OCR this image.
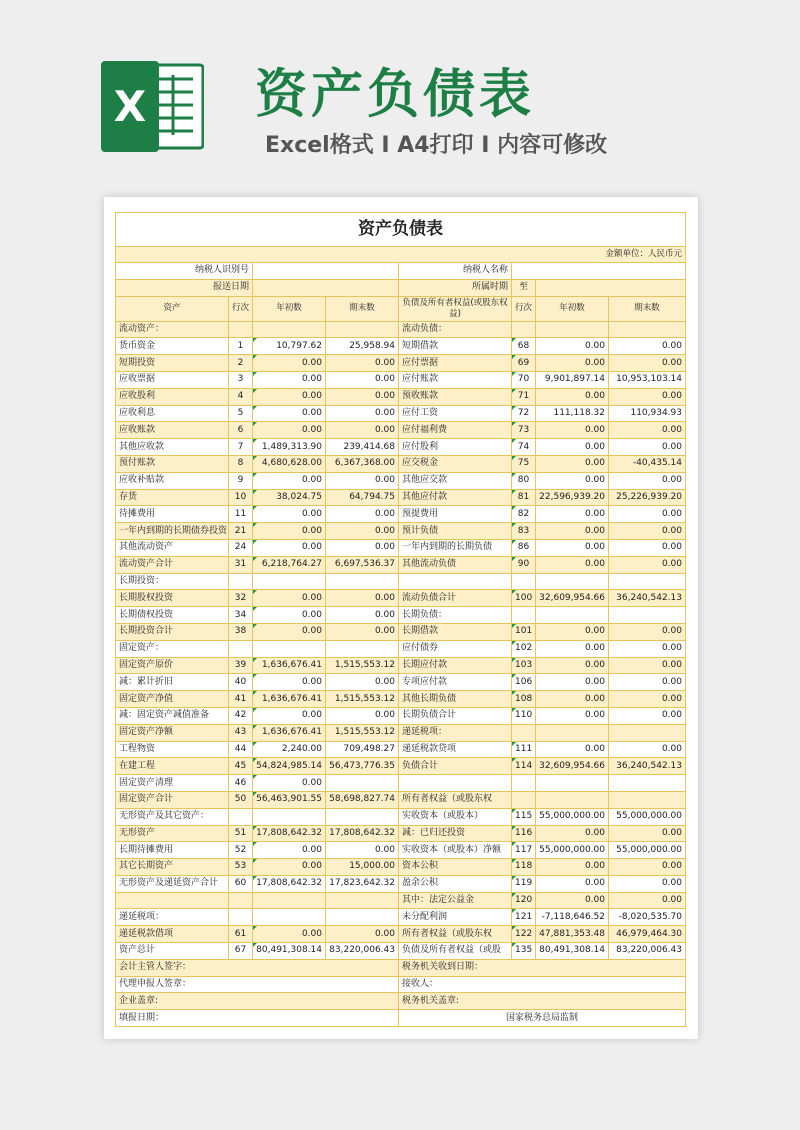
X 资产负债表
Excel格式 I A4打印 I 内容可修改
资产负债表							
金额单位：人民币元							
纳税人识别号				纳税人名称			
报送日期				所属时期	至		
资产	行次	年初数	期末数	负债及所有者权益(或股东权益)	行次	年初数	期末数
流动资产：				流动负债：			
货币资金	1	10,797.62	25,958.94	短期借款	68	0.00	0.00
短期投资	2	0.00	0.00	应付票据	69	0.00	0.00
应收票据	3	0.00	0.00	应付账款	70	9,901,897.14	10,953,103.14
应收股利	4	0.00	0.00	预收账款	71	0.00	0.00
应收利息	5	0.00	0.00	应付工资	72	111,118.32	110,934.93
应收账款	6	0.00	0.00	应付福利费	73	0.00	0.00
其他应收款	7	1,489,313.90	239,414.68	应付股利	74	0.00	0.00
预付账款	8	4,680,628.00	6,367,368.00	应交税金	75	0.00	-40,435.14
应收补贴款	9	0.00	0.00	其他应交款	80	0.00	0.00
存货	10	38,024.75	64,794.75	其他应付款	81	22,596,939.20	25,226,939.20
待摊费用	11	0.00	0.00	预提费用	82	0.00	0.00
一年内到期的长期债券投资	21	0.00	0.00	预计负债	83	0.00	0.00
其他流动资产	24	0.00	0.00	一年内到期的长期负债	86	0.00	0.00
流动资产合计	31	6,218,764.27	6,697,536.37	其他流动负债	90	0.00	0.00
长期投资：							
长期股权投资	32	0.00	0.00	流动负债合计	100	32,609,954.66	36,240,542.13
长期债权投资	34	0.00	0.00	长期负债：			
长期投资合计	38	0.00	0.00	长期借款	101	0.00	0.00
固定资产：				应付债券	102	0.00	0.00
固定资产原价	39	1,636,676.41	1,515,553.12	长期应付款	103	0.00	0.00
减：累计折旧	40	0.00	0.00	专项应付款	106	0.00	0.00
固定资产净值	41	1,636,676.41	1,515,553.12	其他长期负债	108	0.00	0.00
减：固定资产减值准备	42	0.00	0.00	长期负债合计	110	0.00	0.00
固定资产净额	43	1,636,676.41	1,515,553.12	递延税项：			
工程物资	44	2,240.00	709,498.27	递延税款贷项	111	0.00	0.00
在建工程	45	54,824,985.14	56,473,776.35	负债合计	114	32,609,954.66	36,240,542.13
固定资产清理	46	0.00					
固定资产合计	50	56,463,901.55	58,698,827.74	所有者权益（或股东权			
无形资产及其它资产：				实收资本（或股本）	115	55,000,000.00	55,000,000.00
无形资产	51	17,808,642.32	17,808,642.32	减：已归还投资	116	0.00	0.00
长期待摊费用	52	0.00	0.00	实收资本（或股本）净额	117	55,000,000.00	55,000,000.00
其它长期资产	53	0.00	15,000.00	资本公积	118	0.00	0.00
无形资产及递延资产合计	60	17,808,642.32	17,823,642.32	盈余公积	119	0.00	0.00
				其中：法定公益金	120	0.00	0.00
递延税项：				未分配利润	121	-7,118,646.52	-8,020,535.70
递延税款借项	61	0.00	0.00	所有者权益（或股东权	122	47,881,353.48	46,979,464.30
资产总计	67	80,491,308.14	83,220,006.43	负债及所有者权益（或股	135	80,491,308.14	83,220,006.43
会计主管人签字：				税务机关收到日期：			
代理申报人签章：				接收人：			
企业盖章:				税务机关盖章:			
填报日期：				国家税务总局监制			
